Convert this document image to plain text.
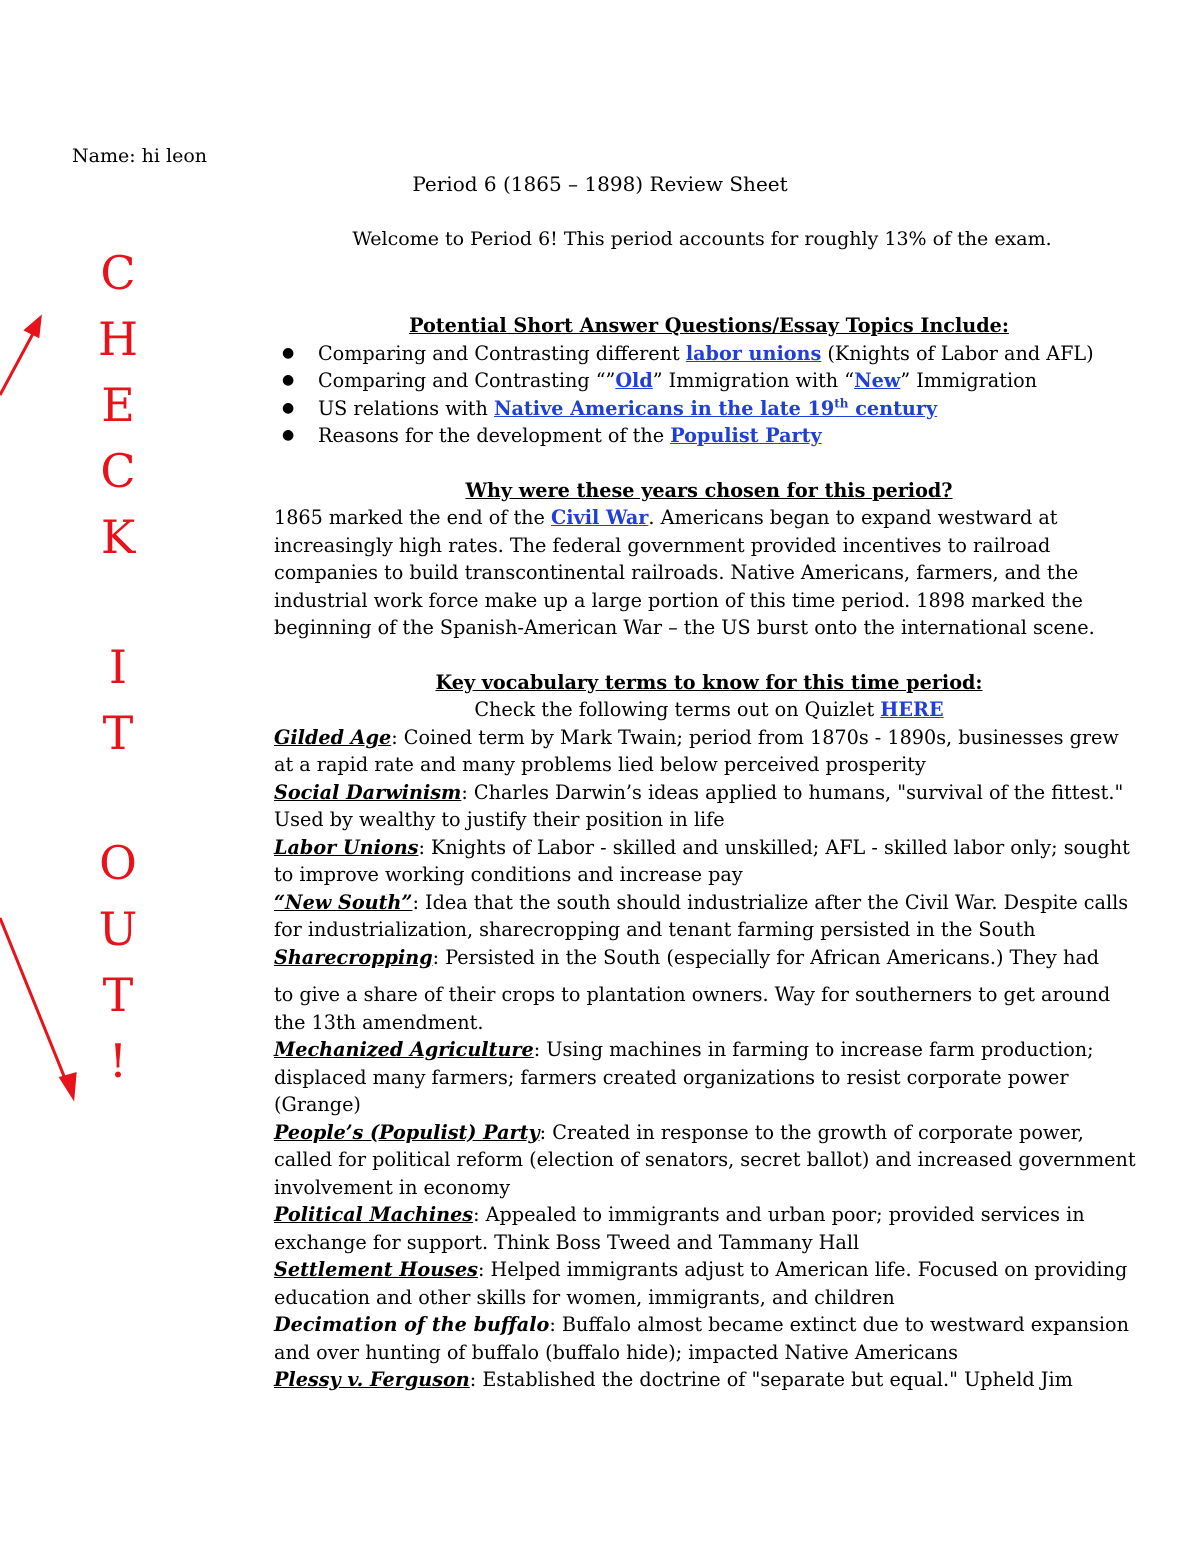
Name: hi leon
Period 6 (1865 – 1898) Review Sheet
Welcome to Period 6! This period accounts for roughly 13% of the exam.
C
H
E
C
K
I
T
O
U
T
!

Potential Short Answer Questions/Essay Topics Include:

● Comparing and Contrasting different labor unions (Knights of Labor and AFL)
● Comparing and Contrasting “”Old” Immigration with “New” Immigration
● US relations with Native Americans in the late 19th century
● Reasons for the development of the Populist Party

Why were these years chosen for this period?

1865 marked the end of the Civil War. Americans began to expand westward at increasingly high rates. The federal government provided incentives to railroad companies to build transcontinental railroads. Native Americans, farmers, and the industrial work force make up a large portion of this time period. 1898 marked the beginning of the Spanish-American War – the US burst onto the international scene.

Key vocabulary terms to know for this time period:

Check the following terms out on Quizlet HERE

Gilded Age: Coined term by Mark Twain; period from 1870s - 1890s, businesses grew at a rapid rate and many problems lied below perceived prosperity

Social Darwinism: Charles Darwin’s ideas applied to humans, "survival of the fittest." Used by wealthy to justify their position in life

Labor Unions: Knights of Labor - skilled and unskilled; AFL - skilled labor only; sought to improve working conditions and increase pay

“New South”: Idea that the south should industrialize after the Civil War. Despite calls for industrialization, sharecropping and tenant farming persisted in the South

Sharecropping: Persisted in the South (especially for African Americans.) They had

to give a share of their crops to plantation owners. Way for southerners to get around the 13th amendment.

Mechanized Agriculture: Using machines in farming to increase farm production; displaced many farmers; farmers created organizations to resist corporate power (Grange)

People’s (Populist) Party: Created in response to the growth of corporate power, called for political reform (election of senators, secret ballot) and increased government involvement in economy

Political Machines: Appealed to immigrants and urban poor; provided services in exchange for support. Think Boss Tweed and Tammany Hall

Settlement Houses: Helped immigrants adjust to American life. Focused on providing education and other skills for women, immigrants, and children

Decimation of the buffalo: Buffalo almost became extinct due to westward expansion and over hunting of buffalo (buffalo hide); impacted Native Americans

Plessy v. Ferguson: Established the doctrine of "separate but equal." Upheld Jim
